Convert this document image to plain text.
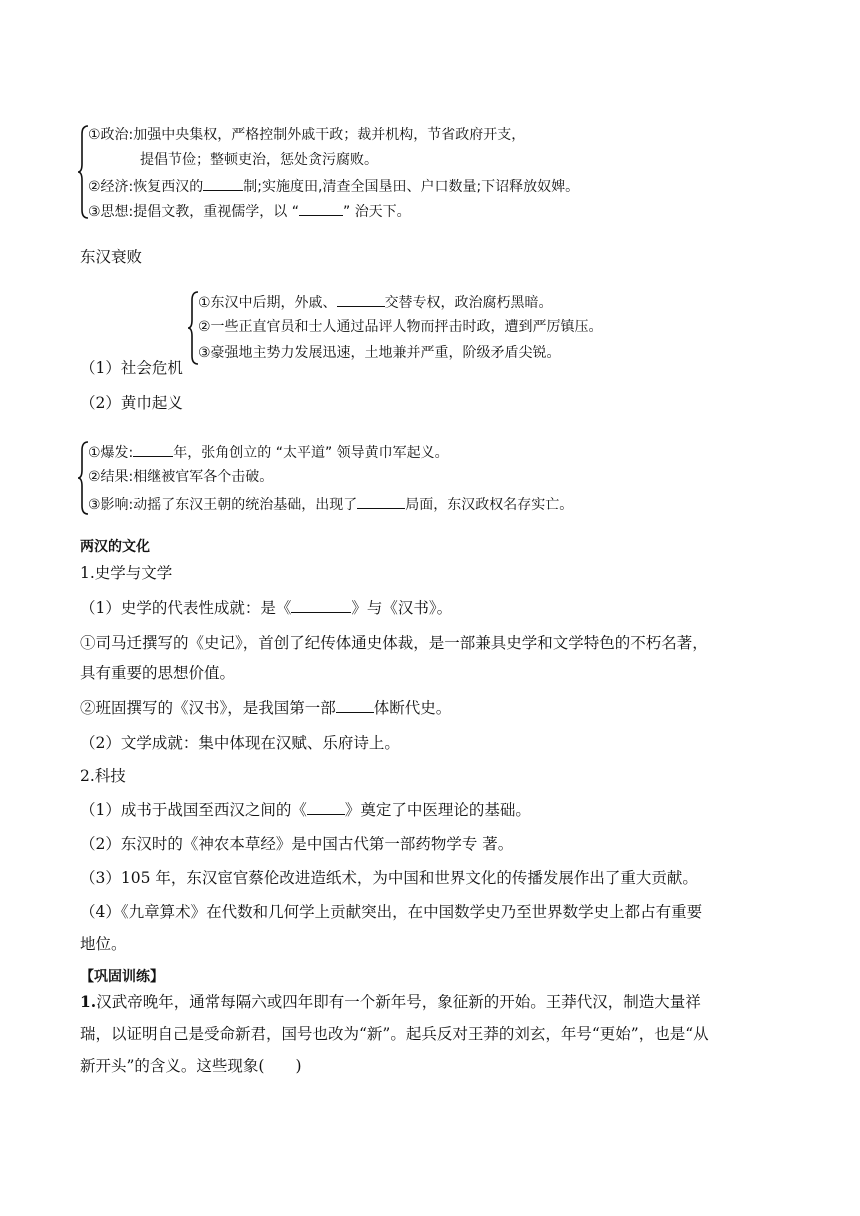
①政治:加强中央集权，严格控制外戚干政；裁并机构，节省政府开支，
提倡节俭；整顿吏治，惩处贪污腐败。
②经济:恢复西汉的	制;实施度田,清查全国垦田、户口数量;下诏释放奴婢。
③思想:提倡文教，重视儒学，以 “	” 治天下。
东汉衰败
①东汉中后期，外戚、	交替专权，政治腐朽黑暗。
②一些正直官员和士人通过品评人物而抨击时政，遭到严厉镇压。
③豪强地主势力发展迅速，土地兼并严重，阶级矛盾尖锐。
（1）社会危机
（2）黄巾起义
①爆发:	年，张角创立的 “太平道” 领导黄巾军起义。
②结果:相继被官军各个击破。
③影响:动摇了东汉王朝的统治基础，出现了	局面，东汉政权名存实亡。
两汉的文化
1.史学与文学
（1）史学的代表性成就：是《	》与《汉书》。
①司马迁撰写的《史记》，首创了纪传体通史体裁，是一部兼具史学和文学特色的不朽名著，
具有重要的思想价值。
②班固撰写的《汉书》，是我国第一部 体断代史。
（2）文学成就：集中体现在汉赋、乐府诗上。
2.科技
（1）成书于战国至西汉之间的《 》奠定了中医理论的基础。
（2）东汉时的《神农本草经》是中国古代第一部药物学专 著。
（3）105 年，东汉宦官蔡伦改进造纸术，为中国和世界文化的传播发展作出了重大贡献。
（4）《九章算术》在代数和几何学上贡献突出，在中国数学史乃至世界数学史上都占有重要
地位。
【巩固训练】
1.汉武帝晚年，通常每隔六或四年即有一个新年号，象征新的开始。王莽代汉，制造大量祥
瑞，以证明自己是受命新君，国号也改为“新”。起兵反对王莽的刘玄，年号“更始”，也是“从
新开头”的含义。这些现象(　　)
